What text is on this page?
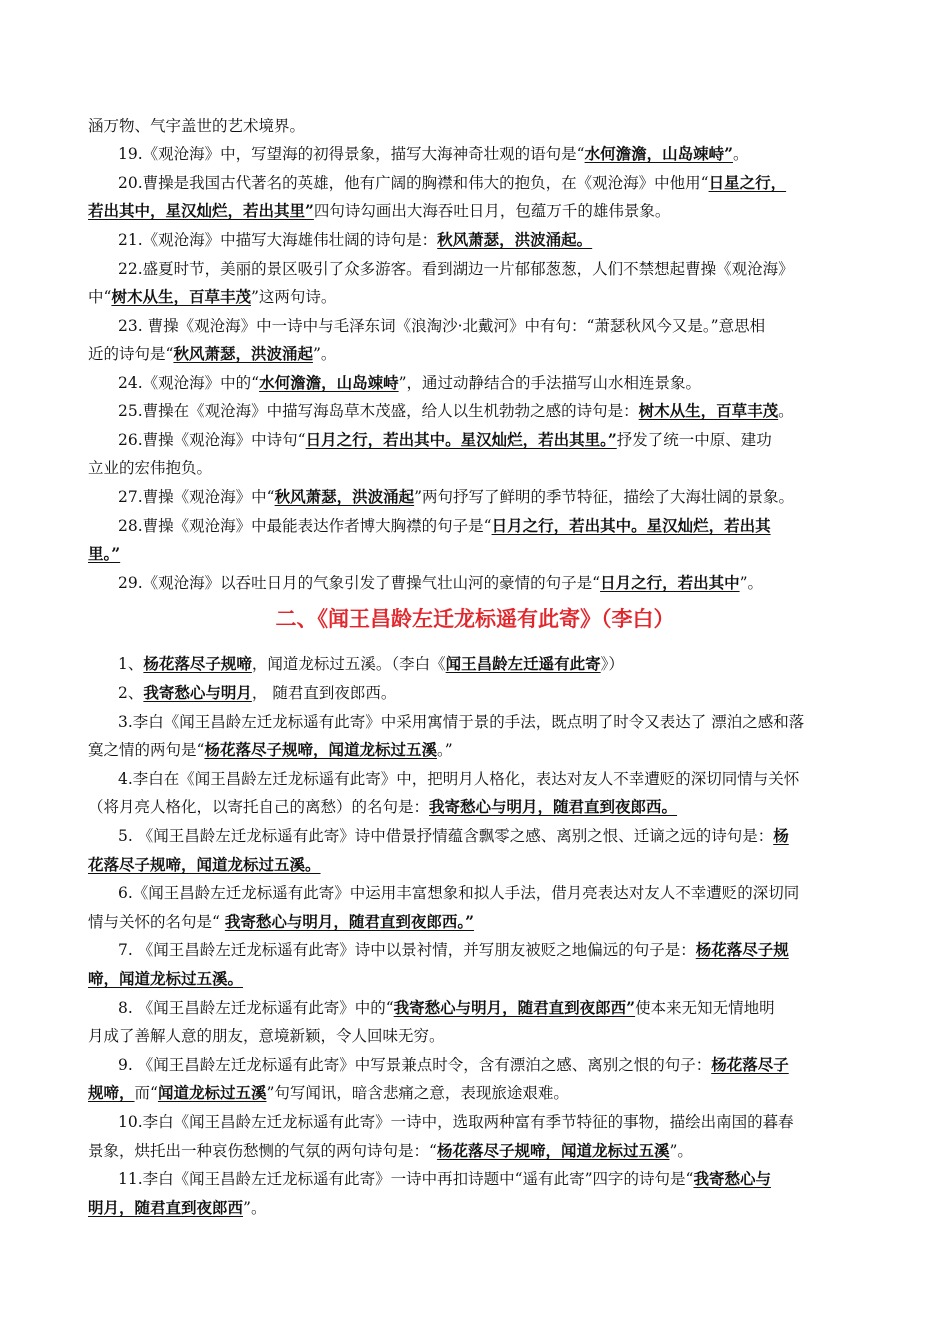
涵万物、气宇盖世的艺术境界。
19.《观沧海》中，写望海的初得景象，描写大海神奇壮观的语句是“水何澹澹，山岛竦峙”。
20.曹操是我国古代著名的英雄，他有广阔的胸襟和伟大的抱负，在《观沧海》中他用“日星之行，
若出其中，星汉灿烂，若出其里”四句诗勾画出大海吞吐日月，包蕴万千的雄伟景象。
21.《观沧海》中描写大海雄伟壮阔的诗句是：秋风萧瑟，洪波涌起。
22.盛夏时节，美丽的景区吸引了众多游客。看到湖边一片郁郁葱葱，人们不禁想起曹操《观沧海》
中“树木从生，百草丰茂”这两句诗。
23. 曹操《观沧海》中一诗中与毛泽东词《浪淘沙·北戴河》中有句：“萧瑟秋风今又是。”意思相
近的诗句是“秋风萧瑟，洪波涌起”。
24.《观沧海》中的“水何澹澹，山岛竦峙”，通过动静结合的手法描写山水相连景象。
25.曹操在《观沧海》中描写海岛草木茂盛，给人以生机勃勃之感的诗句是：树木从生，百草丰茂。
26.曹操《观沧海》中诗句“日月之行，若出其中。星汉灿烂，若出其里。”抒发了统一中原、建功
立业的宏伟抱负。
27.曹操《观沧海》中“秋风萧瑟，洪波涌起”两句抒写了鲜明的季节特征，描绘了大海壮阔的景象。
28.曹操《观沧海》中最能表达作者博大胸襟的句子是“日月之行，若出其中。星汉灿烂，若出其
里。”
29.《观沧海》以吞吐日月的气象引发了曹操气壮山河的豪情的句子是“日月之行，若出其中”。
二、《闻王昌龄左迁龙标遥有此寄》（李白）
1、杨花落尽子规啼，闻道龙标过五溪。（李白《闻王昌龄左迁遥有此寄》）
2、我寄愁心与明月， 随君直到夜郎西。
3.李白《闻王昌龄左迁龙标遥有此寄》中采用寓情于景的手法，既点明了时令又表达了 漂泊之感和落
寞之情的两句是“杨花落尽子规啼，闻道龙标过五溪。”
4.李白在《闻王昌龄左迁龙标遥有此寄》中，把明月人格化，表达对友人不幸遭贬的深切同情与关怀
（将月亮人格化，以寄托自己的离愁）的名句是：我寄愁心与明月，随君直到夜郎西。
5. 《闻王昌龄左迁龙标遥有此寄》诗中借景抒情蕴含飘零之感、离别之恨、迁谪之远的诗句是：杨
花落尽子规啼，闻道龙标过五溪。
6.《闻王昌龄左迁龙标遥有此寄》中运用丰富想象和拟人手法，借月亮表达对友人不幸遭贬的深切同
情与关怀的名句是“ 我寄愁心与明月，随君直到夜郎西。”
7. 《闻王昌龄左迁龙标遥有此寄》诗中以景衬情，并写朋友被贬之地偏远的句子是：杨花落尽子规
啼，闻道龙标过五溪。
8. 《闻王昌龄左迁龙标遥有此寄》中的“我寄愁心与明月，随君直到夜郎西”使本来无知无情地明
月成了善解人意的朋友，意境新颖，令人回味无穷。
9. 《闻王昌龄左迁龙标遥有此寄》中写景兼点时令，含有漂泊之感、离别之恨的句子：杨花落尽子
规啼，而“闻道龙标过五溪”句写闻讯，暗含悲痛之意，表现旅途艰难。
10.李白《闻王昌龄左迁龙标遥有此寄》一诗中，选取两种富有季节特征的事物，描绘出南国的暮春
景象，烘托出一种哀伤愁恻的气氛的两句诗句是：“杨花落尽子规啼，闻道龙标过五溪”。
11.李白《闻王昌龄左迁龙标遥有此寄》一诗中再扣诗题中“遥有此寄”四字的诗句是“我寄愁心与
明月，随君直到夜郎西”。
